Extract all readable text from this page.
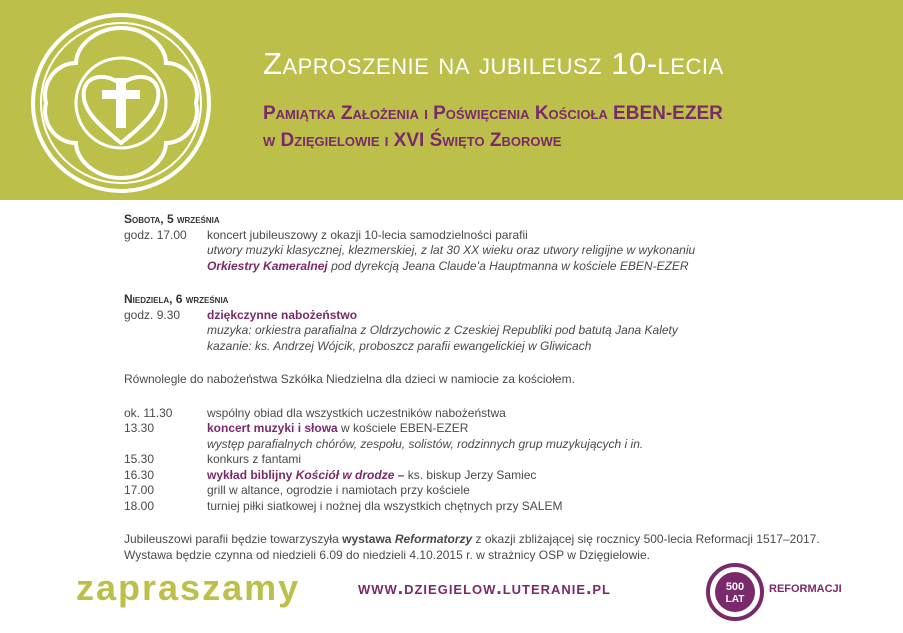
Zaproszenie na jubileusz 10-lecia
Pamiątka Założenia i Poświęcenia Kościoła EBEN-EZER
w Dzięgielowie i XVI Święto Zborowe
Sobota, 5 września
godz. 17.00	koncert jubileuszowy z okazji 10-lecia samodzielności parafii
utwory muzyki klasycznej, klezmerskiej, z lat 30 XX wieku oraz utwory religijne w wykonaniu
Orkiestry Kameralnej pod dyrekcją Jeana Claude’a Hauptmanna w kościele EBEN-EZER
Niedziela, 6 września
godz. 9.30	dziękczynne nabożeństwo
muzyka: orkiestra parafialna z Oldrzychowic z Czeskiej Republiki pod batutą Jana Kalety
kazanie: ks. Andrzej Wójcik, proboszcz parafii ewangelickiej w Gliwicach
Równolegle do nabożeństwa Szkółka Niedzielna dla dzieci w namiocie za kościołem.
ok. 11.30	wspólny obiad dla wszystkich uczestników nabożeństwa
13.30	koncert muzyki i słowa w kościele EBEN-EZER
występ parafialnych chórów, zespołu, solistów, rodzinnych grup muzykujących i in.
15.30	konkurs z fantami
16.30	wykład biblijny Kościół w drodze – ks. biskup Jerzy Samiec
17.00	grill w altance, ogrodzie i namiotach przy kościele
18.00	turniej piłki siatkowej i nożnej dla wszystkich chętnych przy SALEM
Jubileuszowi parafii będzie towarzyszyła wystawa Reformatorzy z okazji zbliżającej się rocznicy 500-lecia Reformacji 1517–2017.
Wystawa będzie czynna od niedzieli 6.09 do niedzieli 4.10.2015 r. w strażnicy OSP w Dzięgielowie.
zapraszamy	www.dziegielow.luteranie.pl	500
LAT
REFORMACJI
